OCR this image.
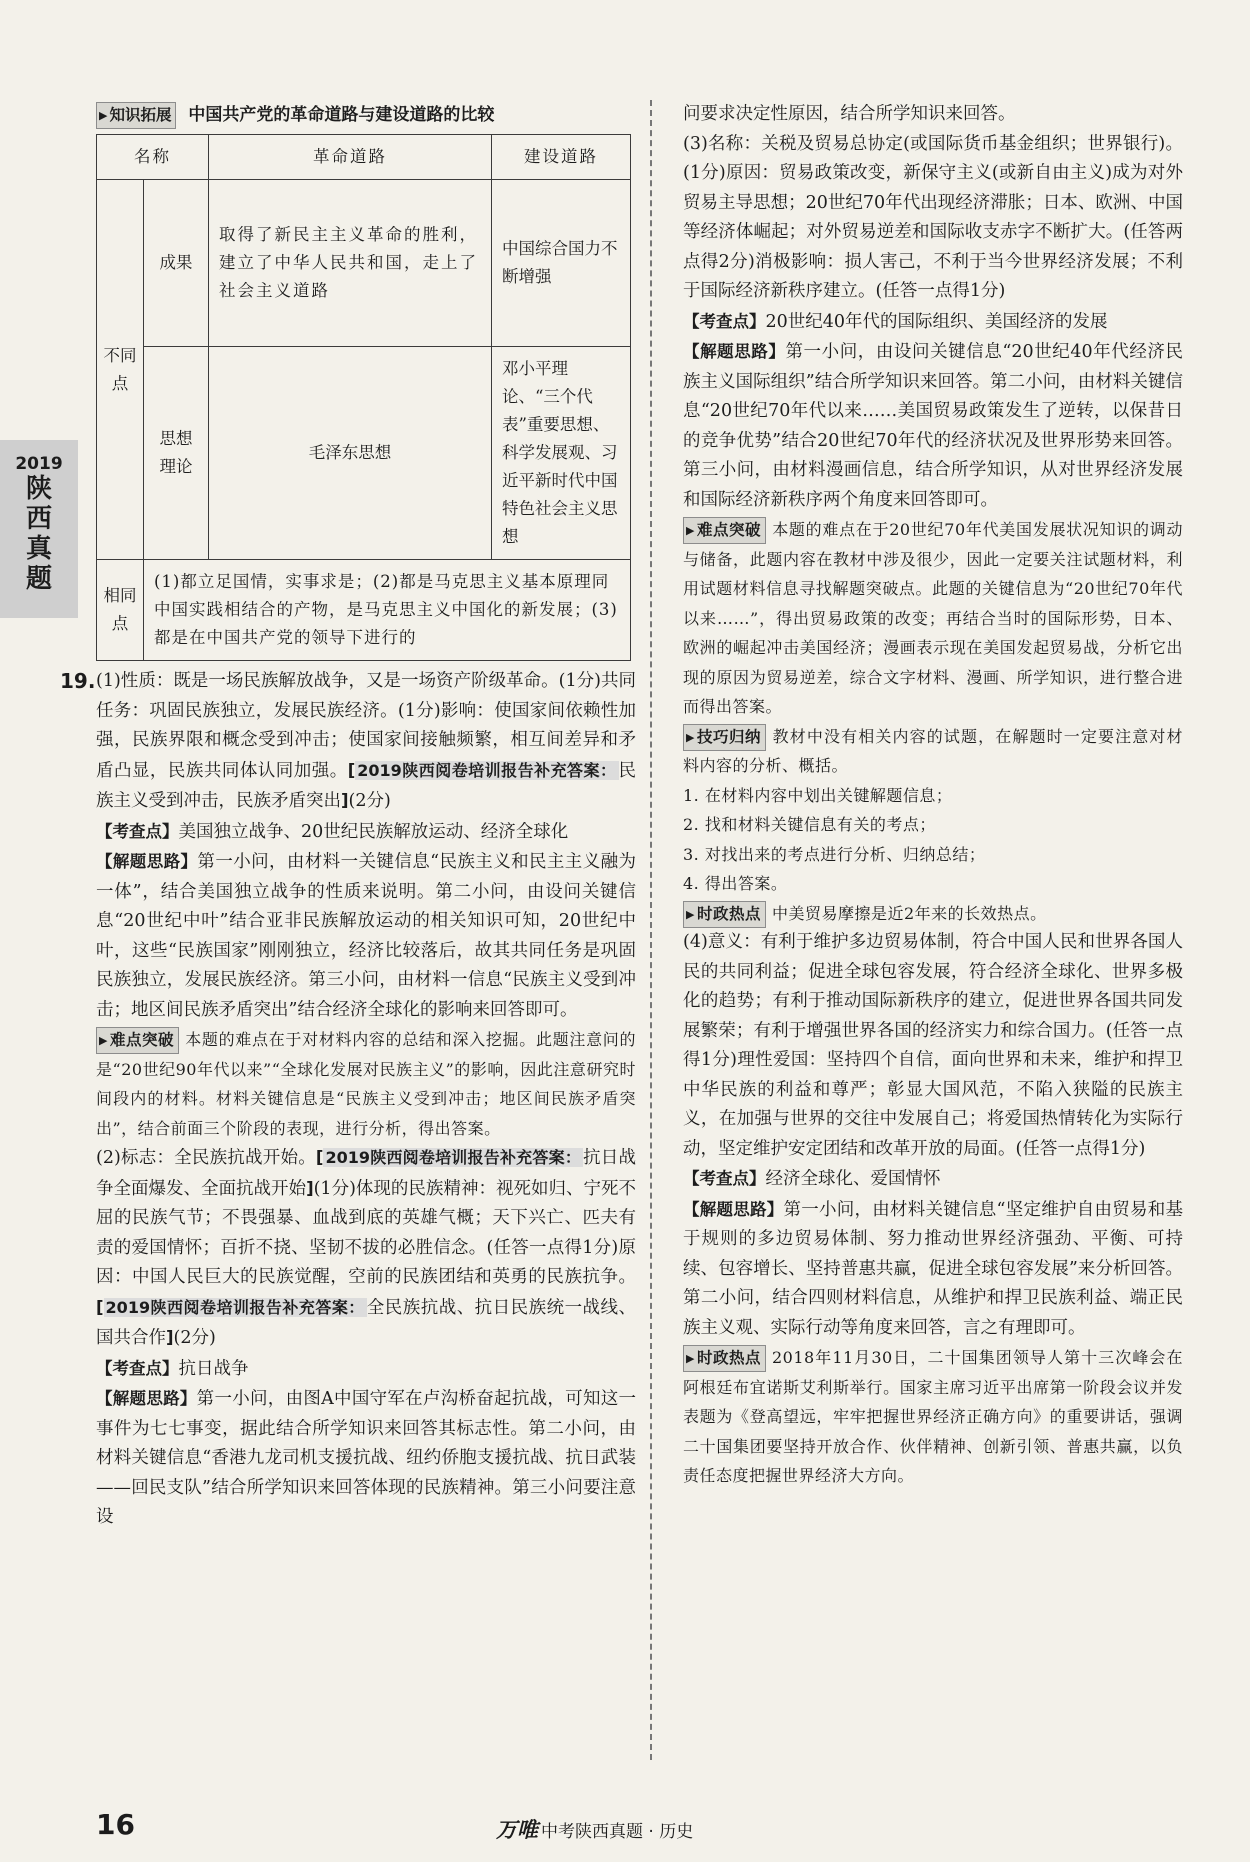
2019
陕西真题
▶ 知识拓展 中国共产党的革命道路与建设道路的比较
名称		革命道路	建设道路
不同点	成果	取得了新民主主义革命的胜利，建立了中华人民共和国，走上了社会主义道路	中国综合国力不断增强
	思想理论	毛泽东思想	邓小平理论、“三个代表”重要思想、科学发展观、习近平新时代中国特色社会主义思想
相同点	(1)都立足国情，实事求是；(2)都是马克思主义基本原理同中国实践相结合的产物，是马克思主义中国化的新发展；(3)都是在中国共产党的领导下进行的		
19. (1)性质：既是一场民族解放战争，又是一场资产阶级革命。(1分)共同任务：巩固民族独立，发展民族经济。(1分)影响：使国家间依赖性加强，民族界限和概念受到冲击；使国家间接触频繁，相互间差异和矛盾凸显，民族共同体认同加强。[ 2019陕西阅卷培训报告补充答案： 民族主义受到冲击，民族矛盾突出](2分)

【考查点】美国独立战争、20世纪民族解放运动、经济全球化

【解题思路】第一小问，由材料一关键信息“民族主义和民主主义融为一体”，结合美国独立战争的性质来说明。第二小问，由设问关键信息“20世纪中叶”结合亚非民族解放运动的相关知识可知，20世纪中叶，这些“民族国家”刚刚独立，经济比较落后，故其共同任务是巩固民族独立，发展民族经济。第三小问，由材料一信息“民族主义受到冲击；地区间民族矛盾突出”结合经济全球化的影响来回答即可。

▶ 难点突破 本题的难点在于对材料内容的总结和深入挖掘。此题注意问的是“20世纪90年代以来”“全球化发展对民族主义”的影响，因此注意研究时间段内的材料。材料关键信息是“民族主义受到冲击；地区间民族矛盾突出”，结合前面三个阶段的表现，进行分析，得出答案。

(2)标志：全民族抗战开始。[ 2019陕西阅卷培训报告补充答案： 抗日战争全面爆发、全面抗战开始](1分)体现的民族精神：视死如归、宁死不屈的民族气节；不畏强暴、血战到底的英雄气概；天下兴亡、匹夫有责的爱国情怀；百折不挠、坚韧不拔的必胜信念。(任答一点得1分)原因：中国人民巨大的民族觉醒，空前的民族团结和英勇的民族抗争。[ 2019陕西阅卷培训报告补充答案： 全民族抗战、抗日民族统一战线、国共合作](2分)

【考查点】抗日战争

【解题思路】第一小问，由图A中国守军在卢沟桥奋起抗战，可知这一事件为七七事变，据此结合所学知识来回答其标志性。第二小问，由材料关键信息“香港九龙司机支援抗战、纽约侨胞支援抗战、抗日武装——回民支队”结合所学知识来回答体现的民族精神。第三小问要注意设

问要求决定性原因，结合所学知识来回答。

(3)名称：关税及贸易总协定(或国际货币基金组织；世界银行)。(1分)原因：贸易政策改变，新保守主义(或新自由主义)成为对外贸易主导思想；20世纪70年代出现经济滞胀；日本、欧洲、中国等经济体崛起；对外贸易逆差和国际收支赤字不断扩大。(任答两点得2分)消极影响：损人害己，不利于当今世界经济发展；不利于国际经济新秩序建立。(任答一点得1分)

【考查点】20世纪40年代的国际组织、美国经济的发展

【解题思路】第一小问，由设问关键信息“20世纪40年代经济民族主义国际组织”结合所学知识来回答。第二小问，由材料关键信息“20世纪70年代以来……美国贸易政策发生了逆转，以保昔日的竞争优势”结合20世纪70年代的经济状况及世界形势来回答。第三小问，由材料漫画信息，结合所学知识，从对世界经济发展和国际经济新秩序两个角度来回答即可。

▶ 难点突破 本题的难点在于20世纪70年代美国发展状况知识的调动与储备，此题内容在教材中涉及很少，因此一定要关注试题材料，利用试题材料信息寻找解题突破点。此题的关键信息为“20世纪70年代以来……”，得出贸易政策的改变；再结合当时的国际形势，日本、欧洲的崛起冲击美国经济；漫画表示现在美国发起贸易战，分析它出现的原因为贸易逆差，综合文字材料、漫画、所学知识，进行整合进而得出答案。

▶ 技巧归纳 教材中没有相关内容的试题，在解题时一定要注意对材料内容的分析、概括。

1. 在材料内容中划出关键解题信息；

2. 找和材料关键信息有关的考点；

3. 对找出来的考点进行分析、归纳总结；

4. 得出答案。

▶ 时政热点 中美贸易摩擦是近2年来的长效热点。

(4)意义：有利于维护多边贸易体制，符合中国人民和世界各国人民的共同利益；促进全球包容发展，符合经济全球化、世界多极化的趋势；有利于推动国际新秩序的建立，促进世界各国共同发展繁荣；有利于增强世界各国的经济实力和综合国力。(任答一点得1分)理性爱国：坚持四个自信，面向世界和未来，维护和捍卫中华民族的利益和尊严；彰显大国风范，不陷入狭隘的民族主义，在加强与世界的交往中发展自己；将爱国热情转化为实际行动，坚定维护安定团结和改革开放的局面。(任答一点得1分)

【考查点】经济全球化、爱国情怀

【解题思路】第一小问，由材料关键信息“坚定维护自由贸易和基于规则的多边贸易体制、努力推动世界经济强劲、平衡、可持续、包容增长、坚持普惠共赢，促进全球包容发展”来分析回答。第二小问，结合四则材料信息，从维护和捍卫民族利益、端正民族主义观、实际行动等角度来回答，言之有理即可。

▶ 时政热点 2018年11月30日，二十国集团领导人第十三次峰会在阿根廷布宜诺斯艾利斯举行。国家主席习近平出席第一阶段会议并发表题为《登高望远，牢牢把握世界经济正确方向》的重要讲话，强调二十国集团要坚持开放合作、伙伴精神、创新引领、普惠共赢，以负责任态度把握世界经济大方向。

16	万唯 中考陕西真题 · 历史
